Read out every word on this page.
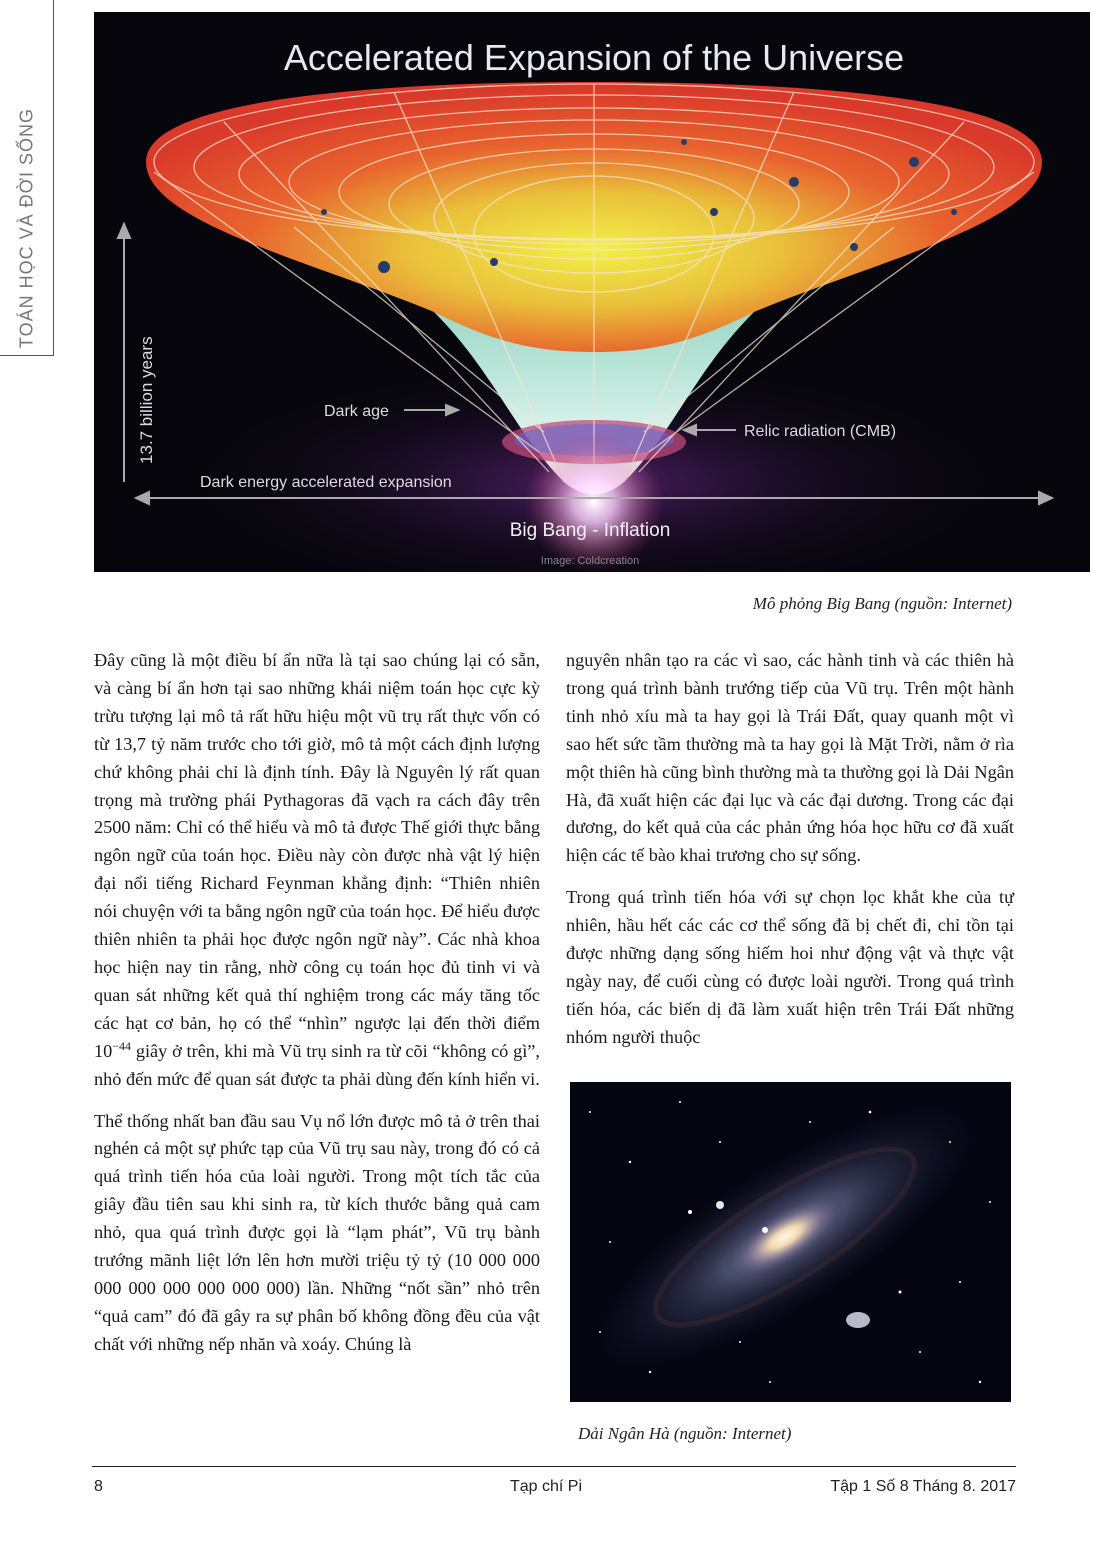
TOÁN HỌC VÀ ĐỜI SỐNG
Accelerated Expansion of the Universe
13.7 billion years	Dark age
Relic radiation (CMB)
Dark energy accelerated expansion
Big Bang - Inflation
Image: Coldcreation
Mô phỏng Big Bang (nguồn: Internet)

Đây cũng là một điều bí ẩn nữa là tại sao chúng lại có sẵn, và càng bí ẩn hơn tại sao những khái niệm toán học cực kỳ trừu tượng lại mô tả rất hữu hiệu một vũ trụ rất thực vốn có từ 13,7 tỷ năm trước cho tới giờ, mô tả một cách định lượng chứ không phải chỉ là định tính. Đây là Nguyên lý rất quan trọng mà trường phái Pythagoras đã vạch ra cách đây trên 2500 năm: Chỉ có thể hiểu và mô tả được Thế giới thực bằng ngôn ngữ của toán học. Điều này còn được nhà vật lý hiện đại nổi tiếng Richard Feynman khẳng định: “Thiên nhiên nói chuyện với ta bằng ngôn ngữ của toán học. Để hiểu được thiên nhiên ta phải học được ngôn ngữ này”. Các nhà khoa học hiện nay tin rằng, nhờ công cụ toán học đủ tinh vi và quan sát những kết quả thí nghiệm trong các máy tăng tốc các hạt cơ bản, họ có thể “nhìn” ngược lại đến thời điểm $10^{-44}$ giây ở trên, khi mà Vũ trụ sinh ra từ cõi “không có gì”, nhỏ đến mức để quan sát được ta phải dùng đến kính hiển vi.

Thể thống nhất ban đầu sau Vụ nổ lớn được mô tả ở trên thai nghén cả một sự phức tạp của Vũ trụ sau này, trong đó có cả quá trình tiến hóa của loài người. Trong một tích tắc của giây đầu tiên sau khi sinh ra, từ kích thước bằng quả cam nhỏ, qua quá trình được gọi là “lạm phát”, Vũ trụ bành trướng mãnh liệt lớn lên hơn mười triệu tỷ tỷ (10 000 000 000 000 000 000 000 000) lần. Những “nốt sần” nhỏ trên “quả cam” đó đã gây ra sự phân bố không đồng đều của vật chất với những nếp nhăn và xoáy. Chúng là

nguyên nhân tạo ra các vì sao, các hành tinh và các thiên hà trong quá trình bành trướng tiếp của Vũ trụ. Trên một hành tinh nhỏ xíu mà ta hay gọi là Trái Đất, quay quanh một vì sao hết sức tầm thường mà ta hay gọi là Mặt Trời, nằm ở rìa một thiên hà cũng bình thường mà ta thường gọi là Dải Ngân Hà, đã xuất hiện các đại lục và các đại dương. Trong các đại dương, do kết quả của các phản ứng hóa học hữu cơ đã xuất hiện các tế bào khai trương cho sự sống.

Trong quá trình tiến hóa với sự chọn lọc khắt khe của tự nhiên, hầu hết các các cơ thể sống đã bị chết đi, chỉ tồn tại được những dạng sống hiếm hoi như động vật và thực vật ngày nay, để cuối cùng có được loài người. Trong quá trình tiến hóa, các biến dị đã làm xuất hiện trên Trái Đất những nhóm người thuộc

Dải Ngân Hà (nguồn: Internet)
8	Tạp chí Pi	Tập 1 Số 8 Tháng 8. 2017
